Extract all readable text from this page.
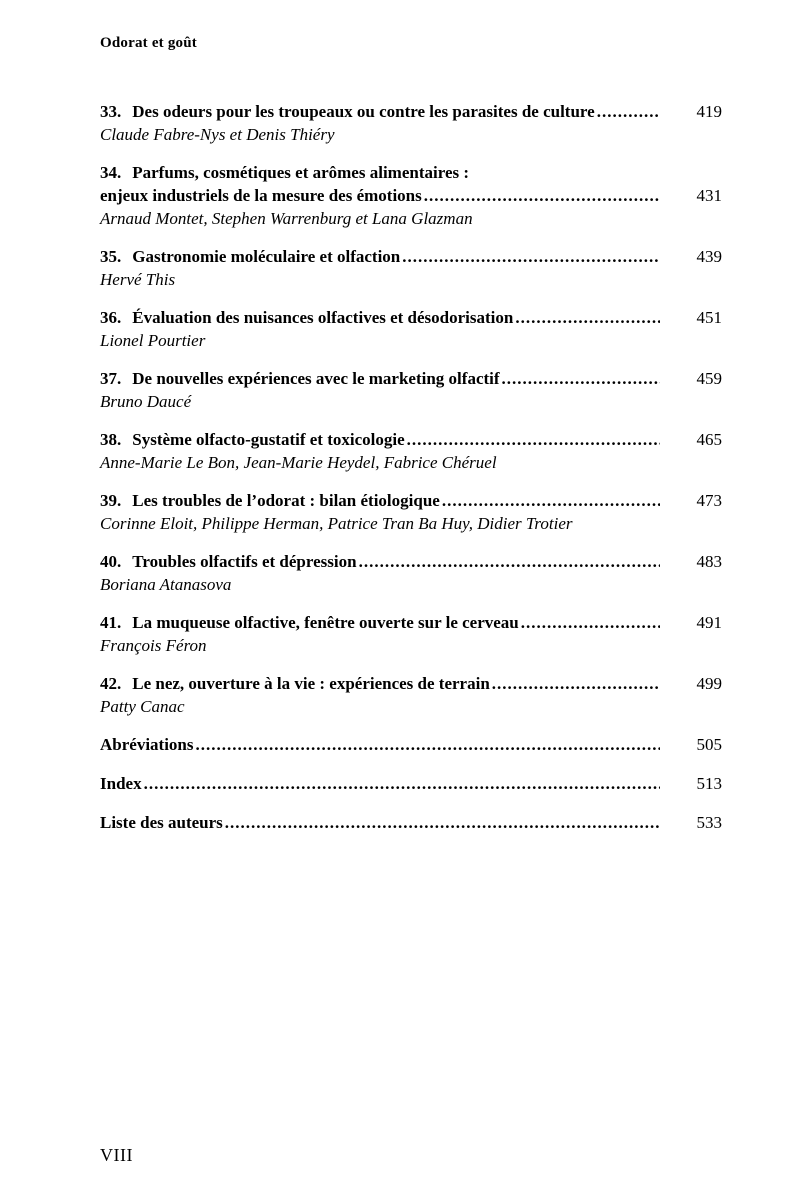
Odorat et goût
33. Des odeurs pour les troupeaux ou contre les parasites de culture .....	419
Claude Fabre-Nys et Denis Thiéry
34. Parfums, cosmétiques et arômes alimentaires :
enjeux industriels de la mesure des émotions .....	431
Arnaud Montet, Stephen Warrenburg et Lana Glazman
35. Gastronomie moléculaire et olfaction .....	439
Hervé This
36. Évaluation des nuisances olfactives et désodorisation .....	451
Lionel Pourtier
37. De nouvelles expériences avec le marketing olfactif .....	459
Bruno Daucé
38. Système olfacto-gustatif et toxicologie .....	465
Anne-Marie Le Bon, Jean-Marie Heydel, Fabrice Chéruel
39. Les troubles de l’odorat : bilan étiologique .....	473
Corinne Eloit, Philippe Herman, Patrice Tran Ba Huy, Didier Trotier
40. Troubles olfactifs et dépression .....	483
Boriana Atanasova
41. La muqueuse olfactive, fenêtre ouverte sur le cerveau .....	491
François Féron
42. Le nez, ouverture à la vie : expériences de terrain .....	499
Patty Canac
Abréviations .....	505
Index .....	513
Liste des auteurs .....	533
VIII
